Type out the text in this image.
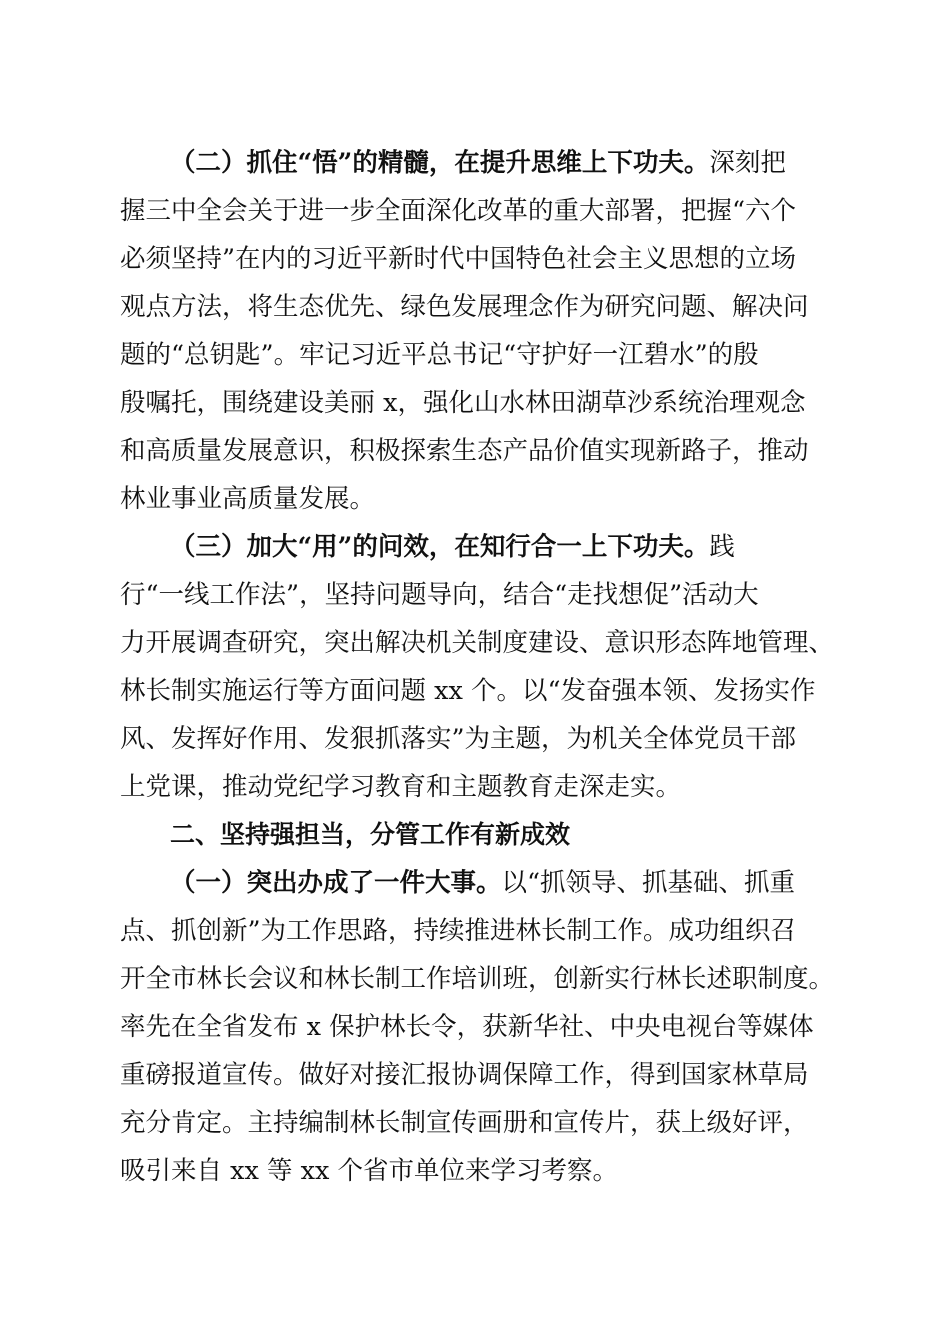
（二）抓住“悟”的精髓，在提升思维上下功夫。深刻把

握三中全会关于进一步全面深化改革的重大部署，把握“六个

必须坚持”在内的习近平新时代中国特色社会主义思想的立场

观点方法，将生态优先、绿色发展理念作为研究问题、解决问

题的“总钥匙”。牢记习近平总书记“守护好一江碧水”的殷

殷嘱托，围绕建设美丽 x，强化山水林田湖草沙系统治理观念

和高质量发展意识，积极探索生态产品价值实现新路子，推动

林业事业高质量发展。

（三）加大“用”的问效，在知行合一上下功夫。践

行“一线工作法”，坚持问题导向，结合“走找想促”活动大

力开展调查研究，突出解决机关制度建设、意识形态阵地管理、

林长制实施运行等方面问题 xx 个。以“发奋强本领、发扬实作

风、发挥好作用、发狠抓落实”为主题，为机关全体党员干部

上党课，推动党纪学习教育和主题教育走深走实。

二、坚持强担当，分管工作有新成效

（一）突出办成了一件大事。以“抓领导、抓基础、抓重

点、抓创新”为工作思路，持续推进林长制工作。成功组织召

开全市林长会议和林长制工作培训班，创新实行林长述职制度。

率先在全省发布 x 保护林长令，获新华社、中央电视台等媒体

重磅报道宣传。做好对接汇报协调保障工作，得到国家林草局

充分肯定。主持编制林长制宣传画册和宣传片，获上级好评，

吸引来自 xx 等 xx 个省市单位来学习考察。
